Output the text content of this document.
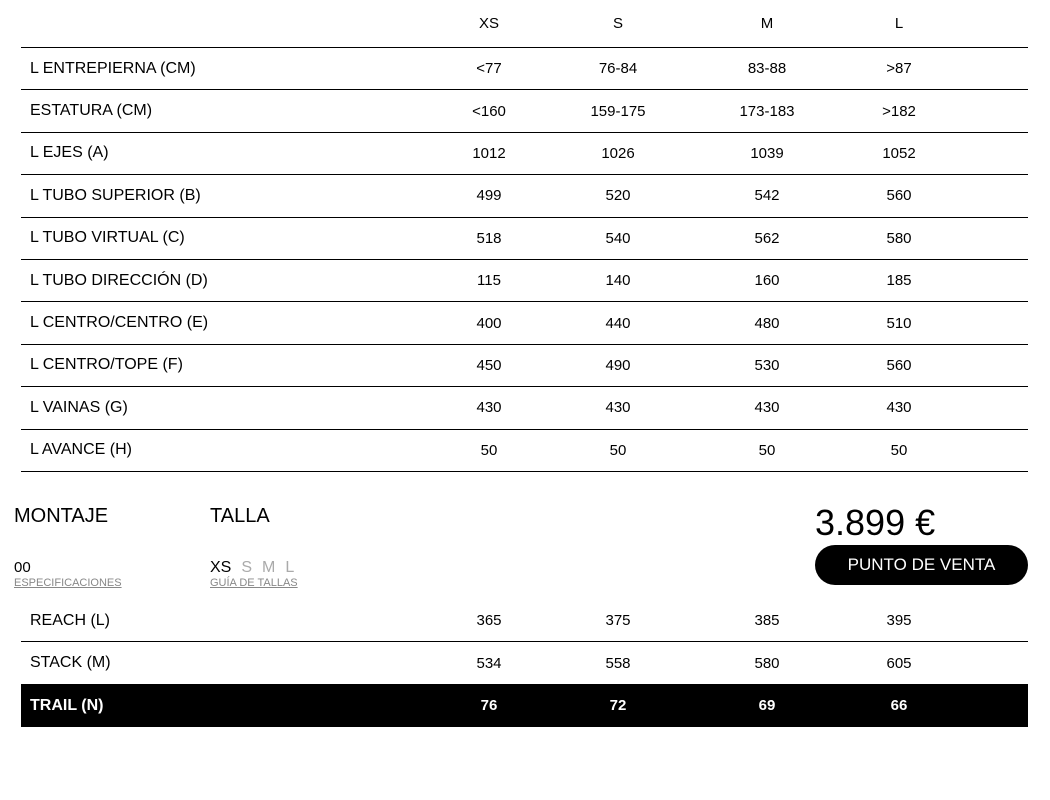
XS	S	M	L
L ENTREPIERNA (CM)	<77	76-84	83-88	>87
ESTATURA (CM)	<160	159-175	173-183	>182
L EJES (A)	1012	1026	1039	1052
L TUBO SUPERIOR (B)	499	520	542	560
L TUBO VIRTUAL (C)	518	540	562	580
L TUBO DIRECCIÓN (D)	115	140	160	185
L CENTRO/CENTRO (E)	400	440	480	510
L CENTRO/TOPE (F)	450	490	530	560
L VAINAS (G)	430	430	430	430
L AVANCE (H)	50	50	50	50
MONTAJE
00
ESPECIFICACIONES
TALLA
XS S M L
GUÍA DE TALLAS
3.899 €
PUNTO DE VENTA
REACH (L)	365	375	385	395
STACK (M)	534	558	580	605
TRAIL (N)	76	72	69	66
